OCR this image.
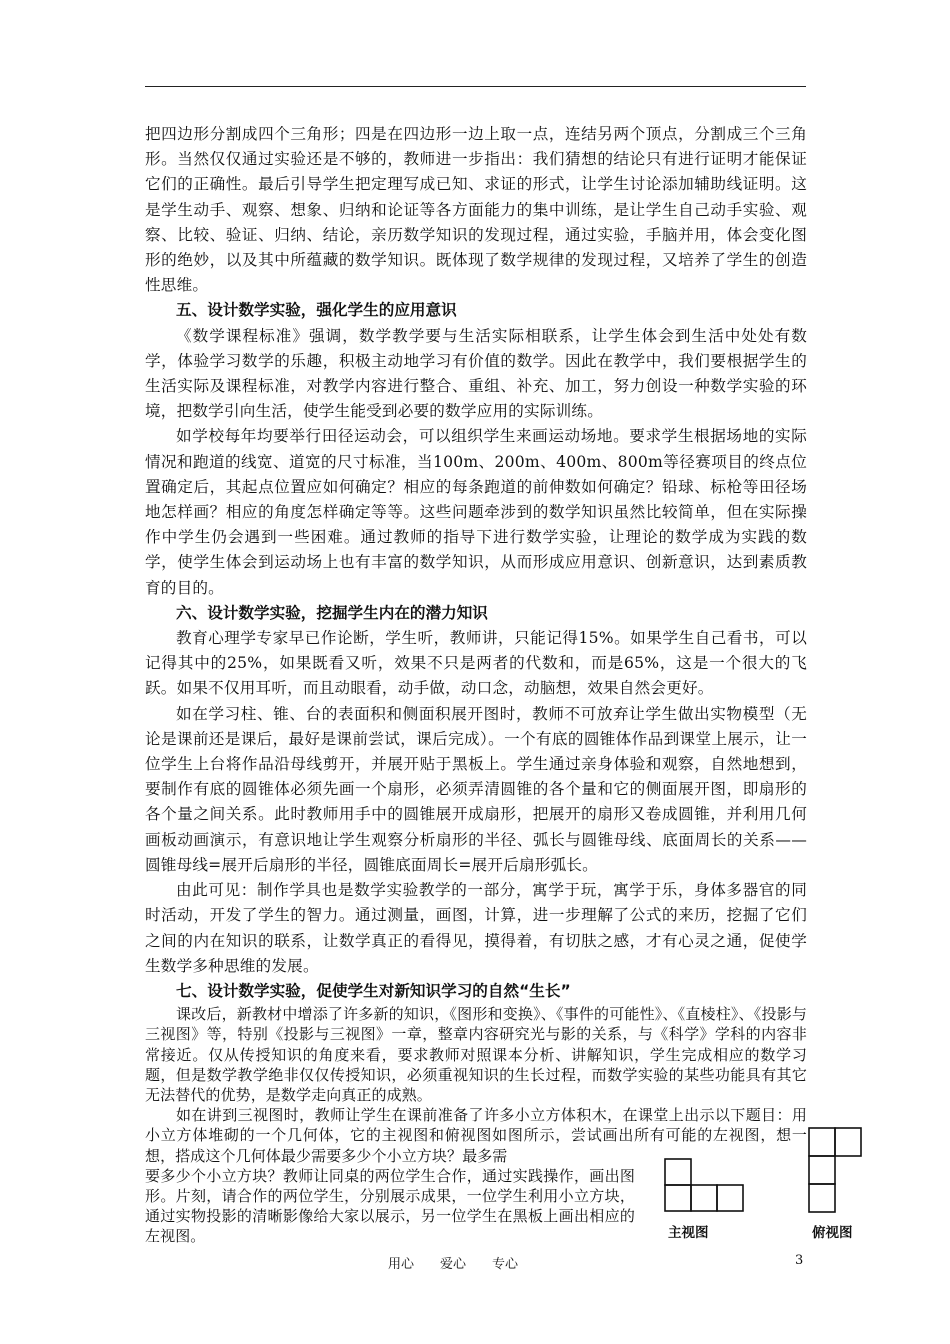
把四边形分割成四个三角形；四是在四边形一边上取一点，连结另两个顶点，分割成三个三角形。当然仅仅通过实验还是不够的，教师进一步指出：我们猜想的结论只有进行证明才能保证它们的正确性。最后引导学生把定理写成已知、求证的形式，让学生讨论添加辅助线证明。这是学生动手、观察、想象、归纳和论证等各方面能力的集中训练，是让学生自己动手实验、观察、比较、验证、归纳、结论，亲历数学知识的发现过程，通过实验，手脑并用，体会变化图形的绝妙，以及其中所蕴藏的数学知识。既体现了数学规律的发现过程，又培养了学生的创造性思维。

五、设计数学实验，强化学生的应用意识

《数学课程标准》强调，数学教学要与生活实际相联系，让学生体会到生活中处处有数学，体验学习数学的乐趣，积极主动地学习有价值的数学。因此在教学中，我们要根据学生的生活实际及课程标准，对教学内容进行整合、重组、补充、加工，努力创设一种数学实验的环境，把数学引向生活，使学生能受到必要的数学应用的实际训练。

如学校每年均要举行田径运动会，可以组织学生来画运动场地。要求学生根据场地的实际情况和跑道的线宽、道宽的尺寸标准，当100m、200m、400m、800m等径赛项目的终点位置确定后，其起点位置应如何确定？相应的每条跑道的前伸数如何确定？铅球、标枪等田径场地怎样画？相应的角度怎样确定等等。这些问题牵涉到的数学知识虽然比较简单，但在实际操作中学生仍会遇到一些困难。通过教师的指导下进行数学实验，让理论的数学成为实践的数学，使学生体会到运动场上也有丰富的数学知识，从而形成应用意识、创新意识，达到素质教育的目的。

六、设计数学实验，挖掘学生内在的潜力知识

教育心理学专家早已作论断，学生听，教师讲，只能记得15%。如果学生自己看书，可以记得其中的25%，如果既看又听，效果不只是两者的代数和，而是65%，这是一个很大的飞跃。如果不仅用耳听，而且动眼看，动手做，动口念，动脑想，效果自然会更好。

如在学习柱、锥、台的表面积和侧面积展开图时，教师不可放弃让学生做出实物模型（无论是课前还是课后，最好是课前尝试，课后完成）。一个有底的圆锥体作品到课堂上展示，让一位学生上台将作品沿母线剪开，并展开贴于黑板上。学生通过亲身体验和观察，自然地想到，要制作有底的圆锥体必须先画一个扇形，必须弄清圆锥的各个量和它的侧面展开图，即扇形的各个量之间关系。此时教师用手中的圆锥展开成扇形，把展开的扇形又卷成圆锥，并利用几何画板动画演示，有意识地让学生观察分析扇形的半径、弧长与圆锥母线、底面周长的关系——圆锥母线=展开后扇形的半径，圆锥底面周长=展开后扇形弧长。

由此可见：制作学具也是数学实验教学的一部分，寓学于玩，寓学于乐，身体多器官的同时活动，开发了学生的智力。通过测量，画图，计算，进一步理解了公式的来历，挖掘了它们之间的内在知识的联系，让数学真正的看得见，摸得着，有切肤之感，才有心灵之通，促使学生数学多种思维的发展。

七、设计数学实验，促使学生对新知识学习的自然“生长”

课改后，新教材中增添了许多新的知识，《图形和变换》、《事件的可能性》、《直棱柱》、《投影与三视图》等，特别《投影与三视图》一章，整章内容研究光与影的关系，与《科学》学科的内容非常接近。仅从传授知识的角度来看，要求教师对照课本分析、讲解知识，学生完成相应的数学习题，但是数学教学绝非仅仅传授知识，必须重视知识的生长过程，而数学实验的某些功能具有其它无法替代的优势，是数学走向真正的成熟。

如在讲到三视图时，教师让学生在课前准备了许多小立方体积木，在课堂上出示以下题目：用小立方体堆砌的一个几何体，它的主视图和俯视图如图所示，尝试画出所有可能的左视图，想一想，搭成这个几何体最少需要多少个小立方块？最多需

要多少个小立方块？教师让同桌的两位学生合作，通过实践操作，画出图形。片刻，请合作的两位学生，分别展示成果，一位学生利用小立方块，通过实物投影的清晰影像给大家以展示，另一位学生在黑板上画出相应的左视图。	主视图	俯视图
用心　　爱心　　专心	3
